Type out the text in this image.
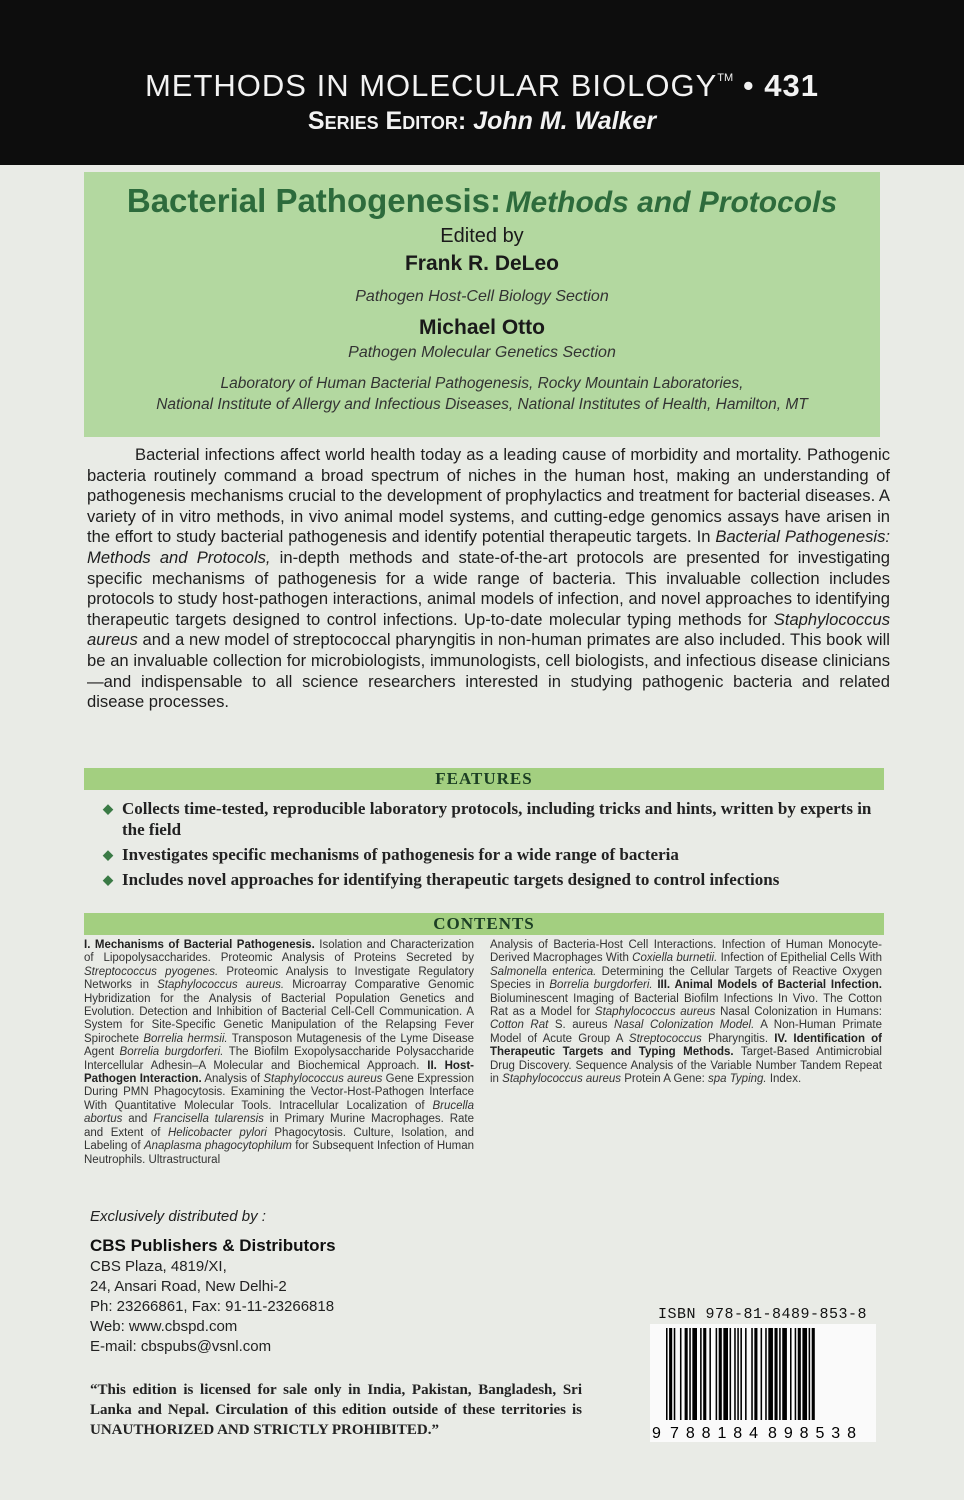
METHODS IN MOLECULAR BIOLOGY™ • 431
Series Editor: John M. Walker
Bacterial Pathogenesis: Methods and Protocols
Edited by
Frank R. DeLeo
Pathogen Host-Cell Biology Section
Michael Otto
Pathogen Molecular Genetics Section
Laboratory of Human Bacterial Pathogenesis, Rocky Mountain Laboratories,
National Institute of Allergy and Infectious Diseases, National Institutes of Health, Hamilton, MT

Bacterial infections affect world health today as a leading cause of morbidity and mortality. Pathogenic bacteria routinely command a broad spectrum of niches in the human host, making an understanding of pathogenesis mechanisms crucial to the development of prophylactics and treatment for bacterial diseases. A variety of in vitro methods, in vivo animal model systems, and cutting-edge genomics assays have arisen in the effort to study bacterial pathogenesis and identify potential therapeutic targets. In Bacterial Pathogenesis: Methods and Protocols, in-depth methods and state-of-the-art protocols are presented for investigating specific mechanisms of pathogenesis for a wide range of bacteria. This invaluable collection includes protocols to study host-pathogen interactions, animal models of infection, and novel approaches to identifying therapeutic targets designed to control infections. Up-to-date molecular typing methods for Staphylococcus aureus and a new model of streptococcal pharyngitis in non-human primates are also included. This book will be an invaluable collection for microbiologists, immunologists, cell biologists, and infectious disease clinicians—and indispensable to all science researchers interested in studying pathogenic bacteria and related disease processes.

FEATURES
◆ Collects time-tested, reproducible laboratory protocols, including tricks and hints, written by experts in the field
◆ Investigates specific mechanisms of pathogenesis for a wide range of bacteria
◆ Includes novel approaches for identifying therapeutic targets designed to control infections
CONTENTS

I. Mechanisms of Bacterial Pathogenesis. Isolation and Characterization of Lipopolysaccharides. Proteomic Analysis of Proteins Secreted by Streptococcus pyogenes. Proteomic Analysis to Investigate Regulatory Networks in Staphylococcus aureus. Microarray Comparative Genomic Hybridization for the Analysis of Bacterial Population Genetics and Evolution. Detection and Inhibition of Bacterial Cell-Cell Communication. A System for Site-Specific Genetic Manipulation of the Relapsing Fever Spirochete Borrelia hermsii. Transposon Mutagenesis of the Lyme Disease Agent Borrelia burgdorferi. The Biofilm Exopolysaccharide Polysaccharide Intercellular Adhesin–A Molecular and Biochemical Approach. II. Host-Pathogen Interaction. Analysis of Staphylococcus aureus Gene Expression During PMN Phagocytosis. Examining the Vector-Host-Pathogen Interface With Quantitative Molecular Tools. Intracellular Localization of Brucella abortus and Francisella tularensis in Primary Murine Macrophages. Rate and Extent of Helicobacter pylori Phagocytosis. Culture, Isolation, and Labeling of Anaplasma phagocytophilum for Subsequent Infection of Human Neutrophils. Ultrastructural

Analysis of Bacteria-Host Cell Interactions. Infection of Human Monocyte-Derived Macrophages With Coxiella burnetii. Infection of Epithelial Cells With Salmonella enterica. Determining the Cellular Targets of Reactive Oxygen Species in Borrelia burgdorferi. III. Animal Models of Bacterial Infection. Bioluminescent Imaging of Bacterial Biofilm Infections In Vivo. The Cotton Rat as a Model for Staphylococcus aureus Nasal Colonization in Humans: Cotton Rat S. aureus Nasal Colonization Model. A Non-Human Primate Model of Acute Group A Streptococcus Pharyngitis. IV. Identification of Therapeutic Targets and Typing Methods. Target-Based Antimicrobial Drug Discovery. Sequence Analysis of the Variable Number Tandem Repeat in Staphylococcus aureus Protein A Gene: spa Typing. Index.

Exclusively distributed by :
CBS Publishers & Distributors
CBS Plaza, 4819/XI,
24, Ansari Road, New Delhi-2
Ph: 23266861, Fax: 91-11-23266818
Web: www.cbspd.com
E-mail: cbspubs@vsnl.com

“This edition is licensed for sale only in India, Pakistan, Bangladesh, Sri Lanka and Nepal. Circulation of this edition outside of these territories is UNAUTHORIZED AND STRICTLY PROHIBITED.”

ISBN 978-81-8489-853-8
9 788184 898538
